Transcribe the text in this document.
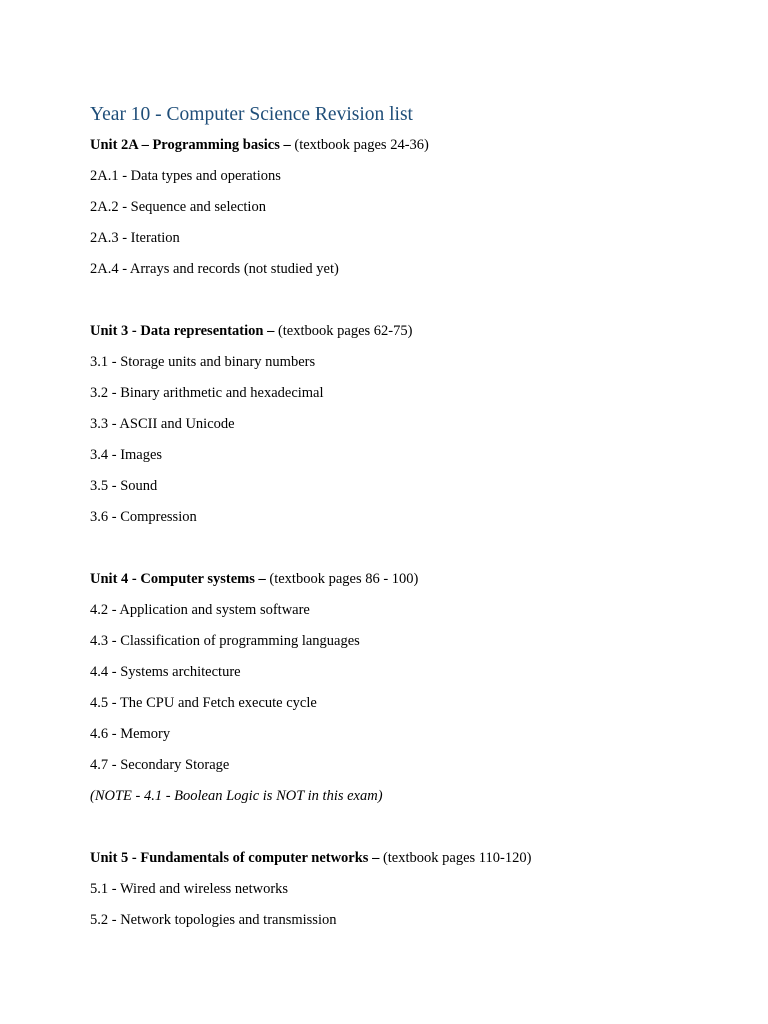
Year 10 - Computer Science Revision list
Unit 2A – Programming basics – (textbook pages 24-36)
2A.1 - Data types and operations
2A.2 - Sequence and selection
2A.3 - Iteration
2A.4 - Arrays and records (not studied yet)
Unit 3 - Data representation – (textbook pages 62-75)
3.1 - Storage units and binary numbers
3.2 - Binary arithmetic and hexadecimal
3.3 - ASCII and Unicode
3.4 - Images
3.5 - Sound
3.6 - Compression
Unit 4 - Computer systems – (textbook pages 86 - 100)
4.2 - Application and system software
4.3 - Classification of programming languages
4.4 - Systems architecture
4.5 - The CPU and Fetch execute cycle
4.6 - Memory
4.7 - Secondary Storage
(NOTE - 4.1 - Boolean Logic is NOT in this exam)
Unit 5 - Fundamentals of computer networks – (textbook pages 110-120)
5.1 - Wired and wireless networks
5.2 - Network topologies and transmission
